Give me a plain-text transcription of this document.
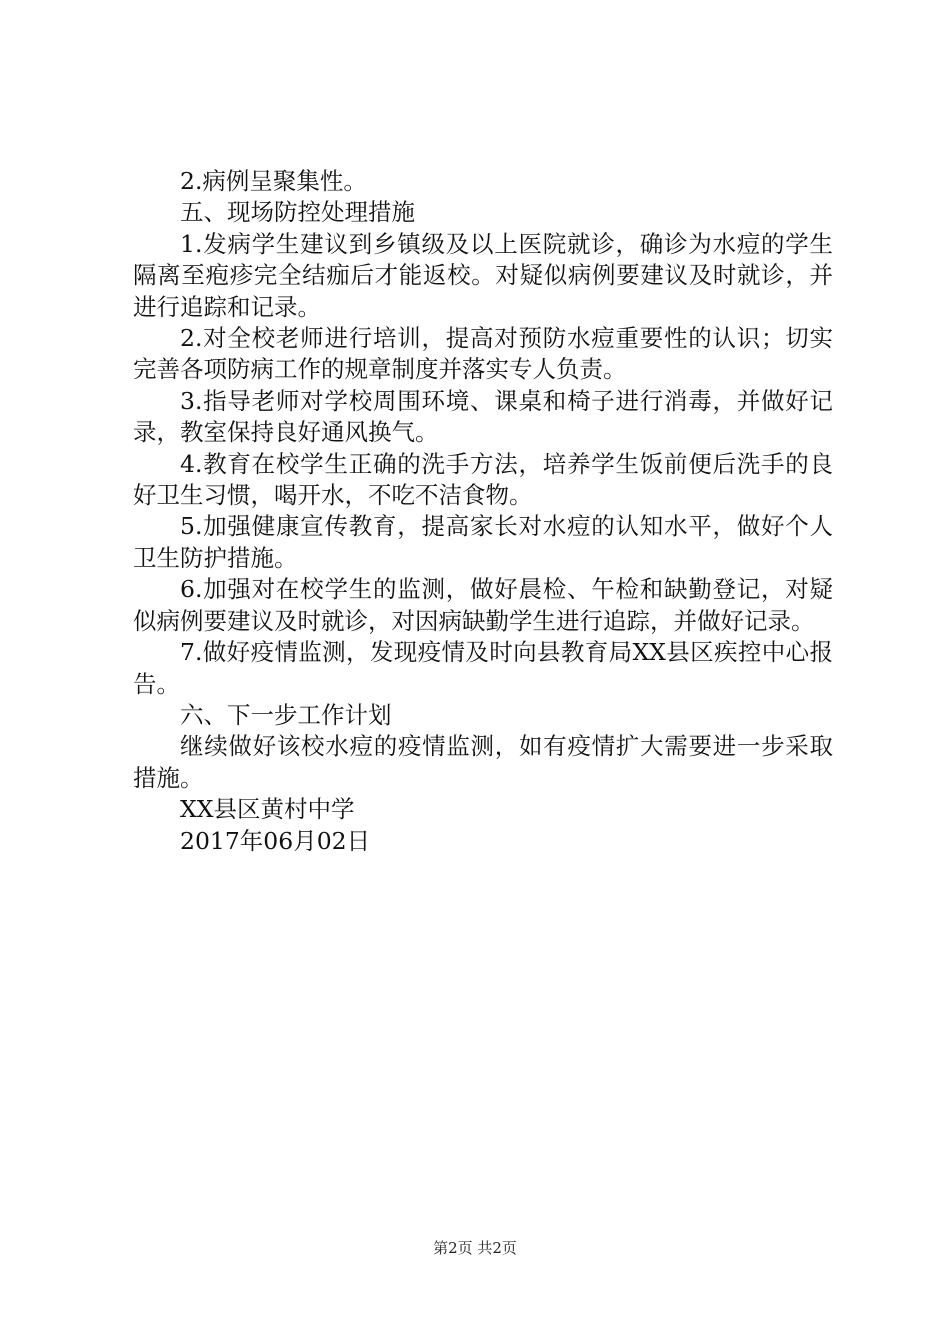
2.病例呈聚集性。

五、现场防控处理措施

1.发病学生建议到乡镇级及以上医院就诊，确诊为水痘的学生隔离至疱疹完全结痂后才能返校。对疑似病例要建议及时就诊，并进行追踪和记录。

2.对全校老师进行培训，提高对预防水痘重要性的认识；切实完善各项防病工作的规章制度并落实专人负责。

3.指导老师对学校周围环境、课桌和椅子进行消毒，并做好记录，教室保持良好通风换气。

4.教育在校学生正确的洗手方法，培养学生饭前便后洗手的良好卫生习惯，喝开水，不吃不洁食物。

5.加强健康宣传教育，提高家长对水痘的认知水平，做好个人卫生防护措施。

6.加强对在校学生的监测，做好晨检、午检和缺勤登记，对疑似病例要建议及时就诊，对因病缺勤学生进行追踪，并做好记录。

7.做好疫情监测，发现疫情及时向县教育局XX县区疾控中心报告。

六、下一步工作计划

继续做好该校水痘的疫情监测，如有疫情扩大需要进一步采取措施。

XX县区黄村中学

2017年06月02日

第2页 共2页
